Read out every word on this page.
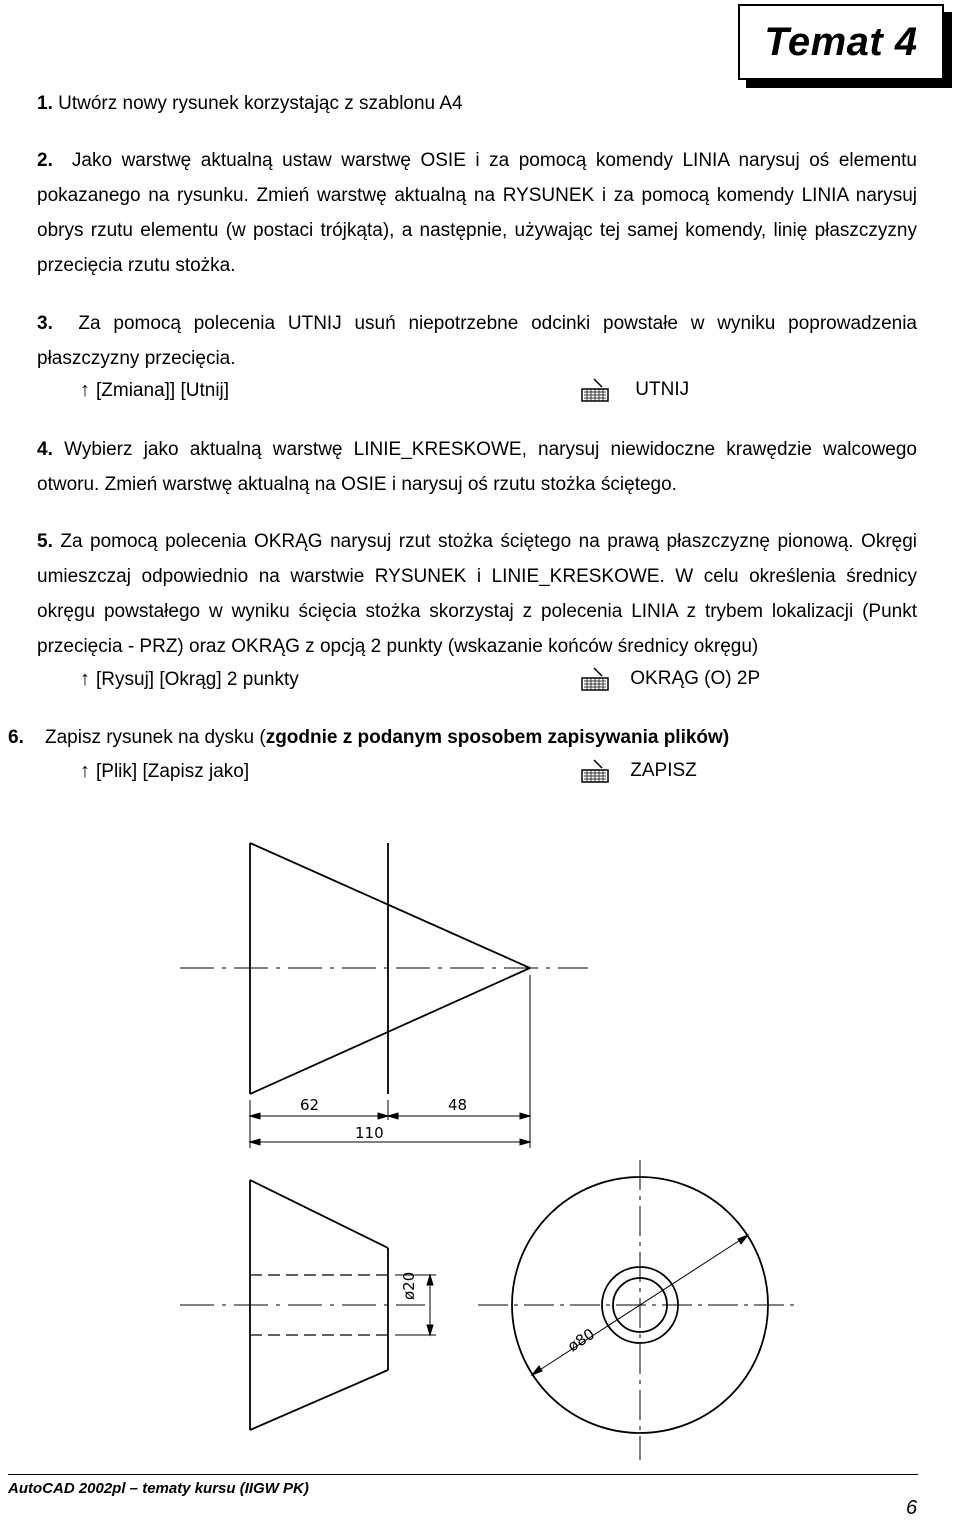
Temat 4
1. Utwórz nowy rysunek korzystając z szablonu A4
2. Jako warstwę aktualną ustaw warstwę OSIE i za pomocą komendy LINIA narysuj oś elementu pokazanego na rysunku. Zmień warstwę aktualną na RYSUNEK i za pomocą komendy LINIA narysuj obrys rzutu elementu (w postaci trójkąta), a następnie, używając tej samej komendy, linię płaszczyzny przecięcia rzutu stożka.
3. Za pomocą polecenia UTNIJ usuń niepotrzebne odcinki powstałe w wyniku poprowadzenia płaszczyzny przecięcia.
↑ [Zmiana]] [Utnij]	UTNIJ
4. Wybierz jako aktualną warstwę LINIE_KRESKOWE, narysuj niewidoczne krawędzie walcowego otworu. Zmień warstwę aktualną na OSIE i narysuj oś rzutu stożka ściętego.
5. Za pomocą polecenia OKRĄG narysuj rzut stożka ściętego na prawą płaszczyznę pionową. Okręgi umieszczaj odpowiednio na warstwie RYSUNEK i LINIE_KRESKOWE. W celu określenia średnicy okręgu powstałego w wyniku ścięcia stożka skorzystaj z polecenia LINIA z trybem lokalizacji (Punkt przecięcia - PRZ) oraz OKRĄG z opcją 2 punkty (wskazanie końców średnicy okręgu)
↑ [Rysuj] [Okrąg] 2 punkty	OKRĄG (O) 2P
6. Zapisz rysunek na dysku (zgodnie z podanym sposobem zapisywania plików)
↑ [Plik] [Zapisz jako]	ZAPISZ
62	48
110
ø20
ø80
AutoCAD 2002pl – tematy kursu (IIGW PK)
6
